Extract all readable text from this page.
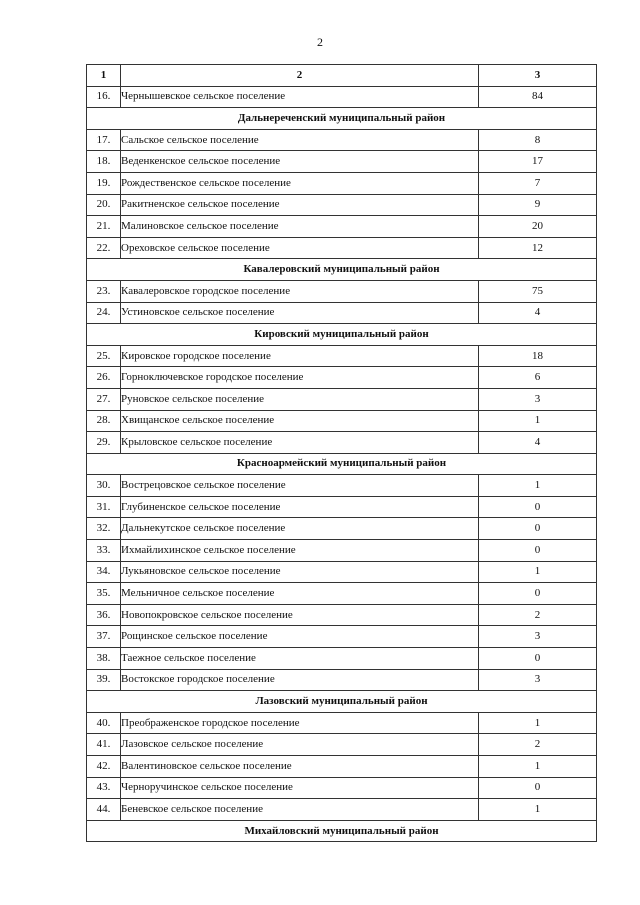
2
1	2	3
16.	Чернышевское сельское поселение	84
Дальнереченский муниципальный район		
17.	Сальское сельское поселение	8
18.	Веденкенское сельское поселение	17
19.	Рождественское сельское поселение	7
20.	Ракитненское сельское поселение	9
21.	Малиновское сельское поселение	20
22.	Ореховское сельское поселение	12
Кавалеровский муниципальный район		
23.	Кавалеровское городское поселение	75
24.	Устиновское сельское поселение	4
Кировский муниципальный район		
25.	Кировское городское поселение	18
26.	Горноключевское городское поселение	6
27.	Руновское сельское поселение	3
28.	Хвищанское сельское поселение	1
29.	Крыловское сельское поселение	4
Красноармейский муниципальный район		
30.	Вострецовское сельское поселение	1
31.	Глубиненское сельское поселение	0
32.	Дальнекутское сельское поселение	0
33.	Ихмайлихинское сельское поселение	0
34.	Лукьяновское сельское поселение	1
35.	Мельничное сельское поселение	0
36.	Новопокровское сельское поселение	2
37.	Рощинское сельское поселение	3
38.	Таежное сельское поселение	0
39.	Востокское городское поселение	3
Лазовский муниципальный район		
40.	Преображенское городское поселение	1
41.	Лазовское сельское поселение	2
42.	Валентиновское сельское поселение	1
43.	Черноручинское сельское поселение	0
44.	Беневское сельское поселение	1
Михайловский муниципальный район		
